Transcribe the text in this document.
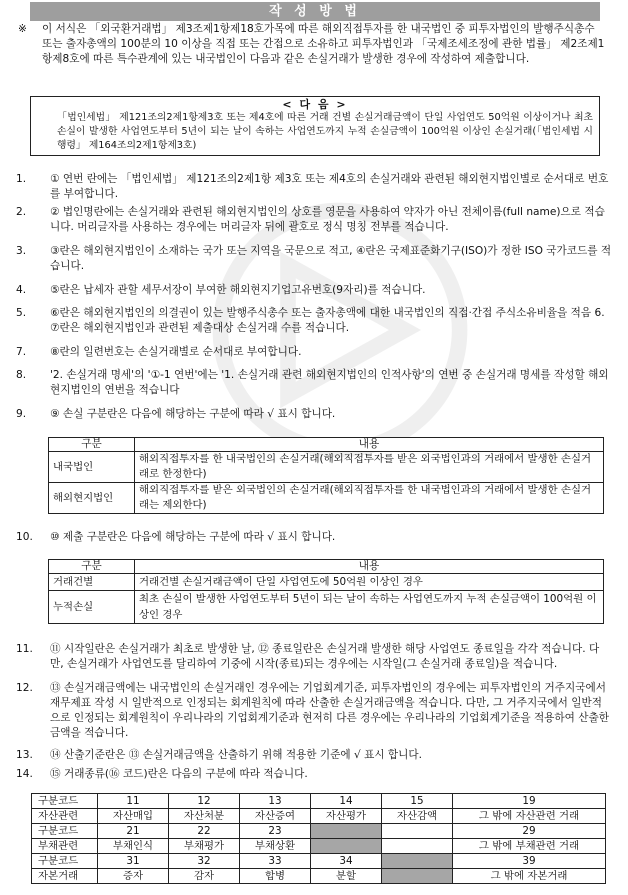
작 성 방 법
※ 이 서식은 「외국환거래법」 제3조제1항제18호가목에 따른 해외직접투자를 한 내국법인 중 피투자법인의 발행주식총수 또는 출자총액의 100분의 10 이상을 직접 또는 간접으로 소유하고 피투자법인과 「국제조세조정에 관한 법률」 제2조제1항제8호에 따른 특수관계에 있는 내국법인이 다음과 같은 손실거래가 발생한 경우에 작성하여 제출합니다.
< 다 음 >
「법인세법」 제121조의2제1항제3호 또는 제4호에 따른 거래 건별 손실거래금액이 단일 사업연도 50억원 이상이거나 최초 손실이 발생한 사업연도부터 5년이 되는 날이 속하는 사업연도까지 누적 손실금액이 100억원 이상인 손실거래(「법인세법 시행령」 제164조의2제1항제3호)
1.	① 연번 란에는 「법인세법」 제121조의2제1항 제3호 또는 제4호의 손실거래와 관련된 해외현지법인별로 순서대로 번호를 부여합니다.
2.	② 법인명란에는 손실거래와 관련된 해외현지법인의 상호를 영문을 사용하여 약자가 아닌 전체이름(full name)으로 적습니다. 머리글자를 사용하는 경우에는 머리글자 뒤에 괄호로 정식 명칭 전부를 적습니다.
3.	③란은 해외현지법인이 소재하는 국가 또는 지역을 국문으로 적고, ④란은 국제표준화기구(ISO)가 정한 ISO 국가코드를 적습니다.
4.	⑤란은 납세자 관할 세무서장이 부여한 해외현지기업고유번호(9자리)를 적습니다.
5.	⑥란은 해외현지법인의 의결권이 있는 발행주식총수 또는 출자총액에 대한 내국법인의 직접·간접 주식소유비율을 적음 6. ⑦란은 해외현지법인과 관련된 제출대상 손실거래 수를 적습니다.
7.	⑧란의 일련번호는 손실거래별로 순서대로 부여합니다.
8.	'2. 손실거래 명세'의 '①-1 연번'에는 '1. 손실거래 관련 해외현지법인의 인적사항'의 연번 중 손실거래 명세를 작성할 해외현지법인의 연번을 적습니다
9.	⑨ 손실 구분란은 다음에 해당하는 구분에 따라 √ 표시 합니다.
구분	내용
내국법인	해외직접투자를 한 내국법인의 손실거래(해외직접투자를 받은 외국법인과의 거래에서 발생한 손실거래로 한정한다)
해외현지법인	해외직접투자를 받은 외국법인의 손실거래(해외직접투자를 한 내국법인과의 거래에서 발생한 손실거래는 제외한다)
10.	⑩ 제출 구분란은 다음에 해당하는 구분에 따라 √ 표시 합니다.
구분	내용
거래건별	거래건별 손실거래금액이 단일 사업연도에 50억원 이상인 경우
누적손실	최초 손실이 발생한 사업연도부터 5년이 되는 날이 속하는 사업연도까지 누적 손실금액이 100억원 이상인 경우
11.	⑪ 시작일란은 손실거래가 최초로 발생한 날, ⑫ 종료일란은 손실거래 발생한 해당 사업연도 종료일을 각각 적습니다. 다만, 손실거래가 사업연도를 달리하여 기중에 시작(종료)되는 경우에는 시작일(그 손실거래 종료일)을 적습니다.
12.	⑬ 손실거래금액에는 내국법인의 손실거래인 경우에는 기업회계기준, 피투자법인의 경우에는 피투자법인의 거주지국에서 재무제표 작성 시 일반적으로 인정되는 회계원칙에 따라 산출한 손실거래금액을 적습니다. 다만, 그 거주지국에서 일반적으로 인정되는 회계원칙이 우리나라의 기업회계기준과 현저히 다른 경우에는 우리나라의 기업회계기준을 적용하여 산출한 금액을 적습니다.
13.	⑭ 산출기준란은 ⑬ 손실거래금액을 산출하기 위해 적용한 기준에 √ 표시 합니다.
14.	⑮ 거래종류(⑯ 코드)란은 다음의 구분에 따라 적습니다.
구분코드	11	12	13	14	15	19
자산관련	자산매입	자산처분	자산증여	자산평가	자산감액	그 밖에 자산관련 거래
구분코드	21	22	23			29
부채관련	부채인식	부채평가	부채상환			그 밖에 부채관련 거래
구분코드	31	32	33	34		39
자본거래	증자	감자	합병	분할		그 밖에 자본거래
